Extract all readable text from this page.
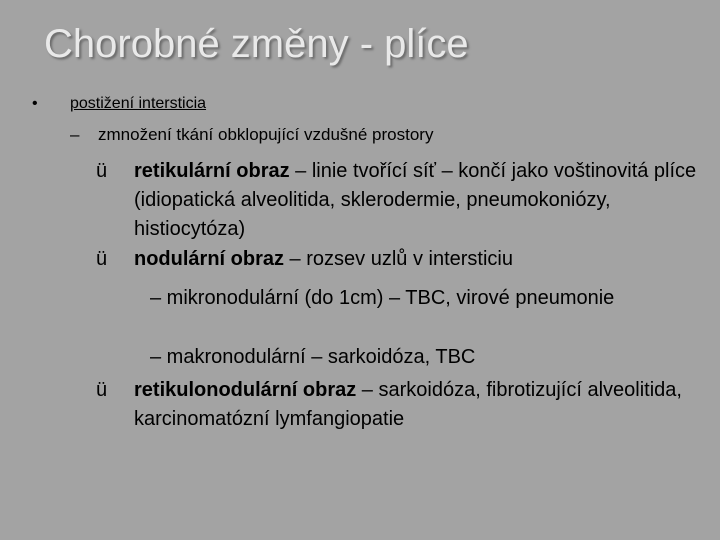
Chorobné změny - plíce
• postižení intersticia
– zmnožení tkání obklopující vzdušné prostory
ü retikulární obraz – linie tvořící síť – končí jako voštinovitá plíce (idiopatická alveolitida, sklerodermie, pneumokoniózy, histiocytóza)
ü nodulární obraz – rozsev uzlů v intersticiu
– mikronodulární (do 1cm) – TBC, virové pneumonie
– makronodulární – sarkoidóza, TBC
ü retikulonodulární obraz – sarkoidóza, fibrotizující alveolitida, karcinomatózní lymfangiopatie
